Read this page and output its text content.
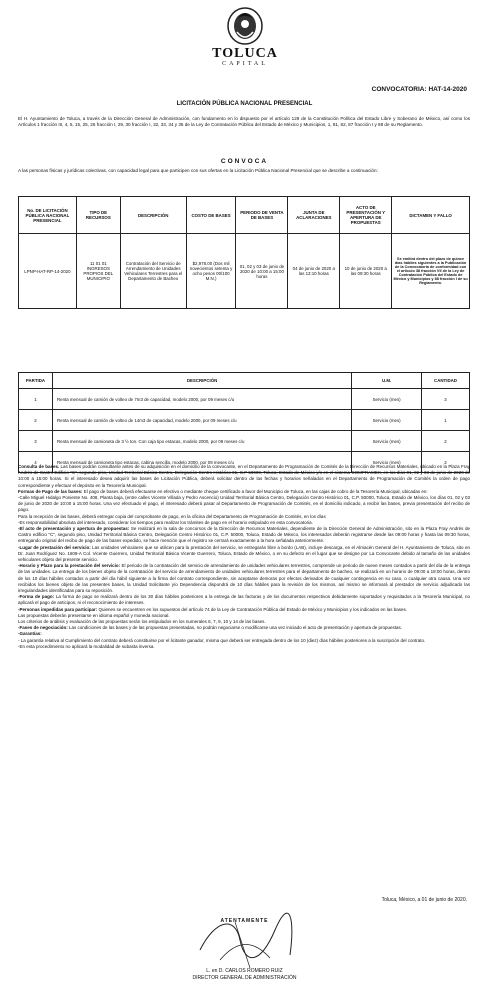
TOLUCA
CAPITAL
CONVOCATORIA: HAT-14-2020
LICITACIÓN PÚBLICA NACIONAL PRESENCIAL
El H. Ayuntamiento de Toluca, a través de la Dirección General de Administración, con fundamento en lo dispuesto por el artículo 129 de la Constitución Política del Estado Libre y Soberano de México, así como los Artículos 1 fracción III, 4, 5, 15, 25, 26 fracción I, 29, 30 fracción I, 32, 33, 34 y 35 de la Ley de Contratación Pública del Estado de México y Municipios, 1, 81, 82, 87 fracción I y 88 de su Reglamento.
CONVOCA
A las personas físicas y jurídicas colectivas, con capacidad legal para que participen con sus ofertas en la Licitación Pública Nacional Presencial que se describe a continuación:
No. DE LICITACIÓN PÚBLICA NACIONAL PRESENCIAL	TIPO DE RECURSOS	DESCRIPCIÓN	COSTO DE BASES	PERIODO DE VENTA DE BASES	JUNTA DE ACLARACIONES	ACTO DE PRESENTACIÓN Y APERTURA DE PROPUESTAS	DICTAMEN Y FALLO
LPNP-HAT-RP-14-2020	11 01 01 INGRESOS PROPIOS DEL MUNICIPIO	Contratación del Servicio de Arrendamiento de Unidades Vehiculares Terrestres para el Departamento de Bacheo	$2,978.00 (Dos mil novecientos setenta y ocho pesos 00/100 M.N.)	01, 02 y 03 de junio de 2020 de 10:00 a 15:00 horas	04 de junio de 2020 a las 13:10 horas	10 de junio de 2020 a las 09:30 horas	Se emitirá dentro del plazo de quince días hábiles siguientes a la Publicación de la Convocatoria de conformidad con el artículo 38 fracción VII de la Ley de Contratación Pública del Estado de México y Municipios y 88 fracción I de su Reglamento.
PARTIDA	DESCRIPCIÓN	U.M.	CANTIDAD
1	Renta mensual de camión de volteo de 7m3 de capacidad, modelo 2000, por 09 meses c/u	Servicio (mes)	3
2	Renta mensual de camión de volteo de 14m3 de capacidad, modelo 2000, por 09 meses c/u	Servicio (mes)	1
3	Renta mensual de camioneta de 3 ½ ton. Con caja tipo estacas, modelo 2000, por 09 meses c/u	Servicio (mes)	2
4	Renta mensual de camioneta tipo estacas, cabina sencilla, modelo 2000, por 09 meses c/u	Servicio (mes)	2

Consulta de bases. Las bases podrán consultarse antes de su adquisición en el domicilio de la convocante, en el Departamento de Programación de Comités de la Dirección de Recursos Materiales, ubicado en la Plaza Fray Andrés de Castro Edificio "C", segundo piso, Unidad Territorial Básica Centro, Delegación Centro Histórico 01, C.P 50000, Toluca, Estado de México y/o en el sistema COMPRAMEX, en los días 01, 02 y 03 de junio de 2020 de 10:00 a 15:00 horas. Si el interesado desea adquirir las bases de Licitación Pública, deberá solicitar dentro de las fechas y horarios señalados en el Departamento de Programación de Comités la orden de pago correspondiente y efectuar el depósito en la Tesorería Municipal.

Formas de Pago de las bases: El pago de bases deberá efectuarse en efectivo o mediante cheque certificado a favor del Municipio de Toluca, en las cajas de cobro de la Tesorería Municipal, ubicadas en:

-Calle Miguel Hidalgo Poniente No. 408, Planta baja, (entre calles Vicente Villada y Pedro Ascencio) Unidad Territorial Básica Centro, Delegación Centro Histórico 01, C.P. 50000, Toluca, Estado de México, los días 01, 02 y 03 de junio de 2020 de 10:00 a 15:00 horas. Una vez efectuado el pago, el interesado deberá pasar al Departamento de Programación de Comités, en el domicilio indicado, a recibir las bases, previa presentación del recibo de pago.

Para la recepción de las bases, deberá entregar copia del comprobante de pago, en la oficina del Departamento de Programación de Comités, en los días

-Es responsabilidad absoluta del interesado, considerar los tiempos para realizar los trámites de pago en el horario estipulado en esta convocatoria.

-El acto de presentación y apertura de propuestas: Se realizará en la sala de concursos de la Dirección de Recursos Materiales, dependiente de la Dirección General de Administración, sito en la Plaza Fray Andrés de Castro edificio "C", segundo piso, Unidad Territorial Básica Centro, Delegación Centro Histórico 01, C.P. 50000, Toluca, Estado de México, los interesados deberán registrarse desde las 09:00 horas y hasta las 09:30 horas, entregando original del recibo de pago de las bases expedido, se hace mención que el registro se cerrará exactamente a la hora señalada anteriormente.

-Lugar de prestación del servicio: Las unidades vehiculares que se utilicen para la prestación del servicio, se entregarán libre a bordo (LAB), incluye descarga, en el Almacén General del H. Ayuntamiento de Toluca, sito en Dr. Juan Rodríguez No. 1609-A Col. Vicente Guerrero, Unidad Territorial Básica Vicente Guerrero, Toluca, Estado de México, o en su defecto en el lugar que se designe por La Convocante debido al tamaño de las unidades vehiculares objeto del presente servicio.

-Horario y Plazo para la prestación del servicio: El periodo de la contratación del servicio de arrendamiento de unidades vehiculares terrestres, comprende un periodo de nueve meses contados a partir del día de la entrega de las unidades. La entrega de los bienes objeto de la contratación del servicio de arrendamiento de unidades vehiculares terrestres para el departamento de bacheo, se realizará en un horario de 09:00 a 18:00 horas, dentro de los 10 días hábiles contados a partir del día hábil siguiente a la firma del contrato correspondiente, sin aceptarse demoras por efectos derivados de cualquier contingencia en su caso, o cualquier otra causa. Una vez recibidos los bienes objeto de las presentes bases, la Unidad Solicitante y/o Dependencia dispondrá de 10 días hábiles para la revisión de los mismos, así mismo se informará al prestador de servicio adjudicado las irregularidades identificadas para su reposición.

-Forma de pago: La forma de pago se realizará dentro de los 30 días hábiles posteriores a la entrega de las facturas y de los documentos respectivos debidamente soportados y requisitados a la Tesorería Municipal, no aplicará el pago de anticipos, ni el reconocimiento de intereses.

-Personas impedidas para participar: Quienes se encuentren en los supuestos del artículo 74 de la Ley de Contratación Pública del Estado de México y Municipios y los indicados en las bases.

Las propuestas deberán presentarse en idioma español y moneda nacional.

Los criterios de análisis y evaluación de las propuestas serán los estipulados en los numerales 6, 7, 9, 10 y 14 de las bases.

-Fases de negociación: Las condiciones de las bases y de las propuestas presentadas, no podrán negociarse o modificarse una vez iniciado el acto de presentación y apertura de propuestas.

-Garantías:

- La garantía relativa al Cumplimiento del contrato deberá constituirse por el licitante ganador, misma que deberá ser entregada dentro de los 10 (diez) días hábiles posteriores a la suscripción del contrato.

-En esta procedimiento no aplicará la modalidad de subasta inversa.

Toluca, México, a 01 de junio de 2020.
ATENTAMENTE
L. en D. CARLOS ROMERO RUIZ
DIRECTOR GENERAL DE ADMINISTRACIÓN
